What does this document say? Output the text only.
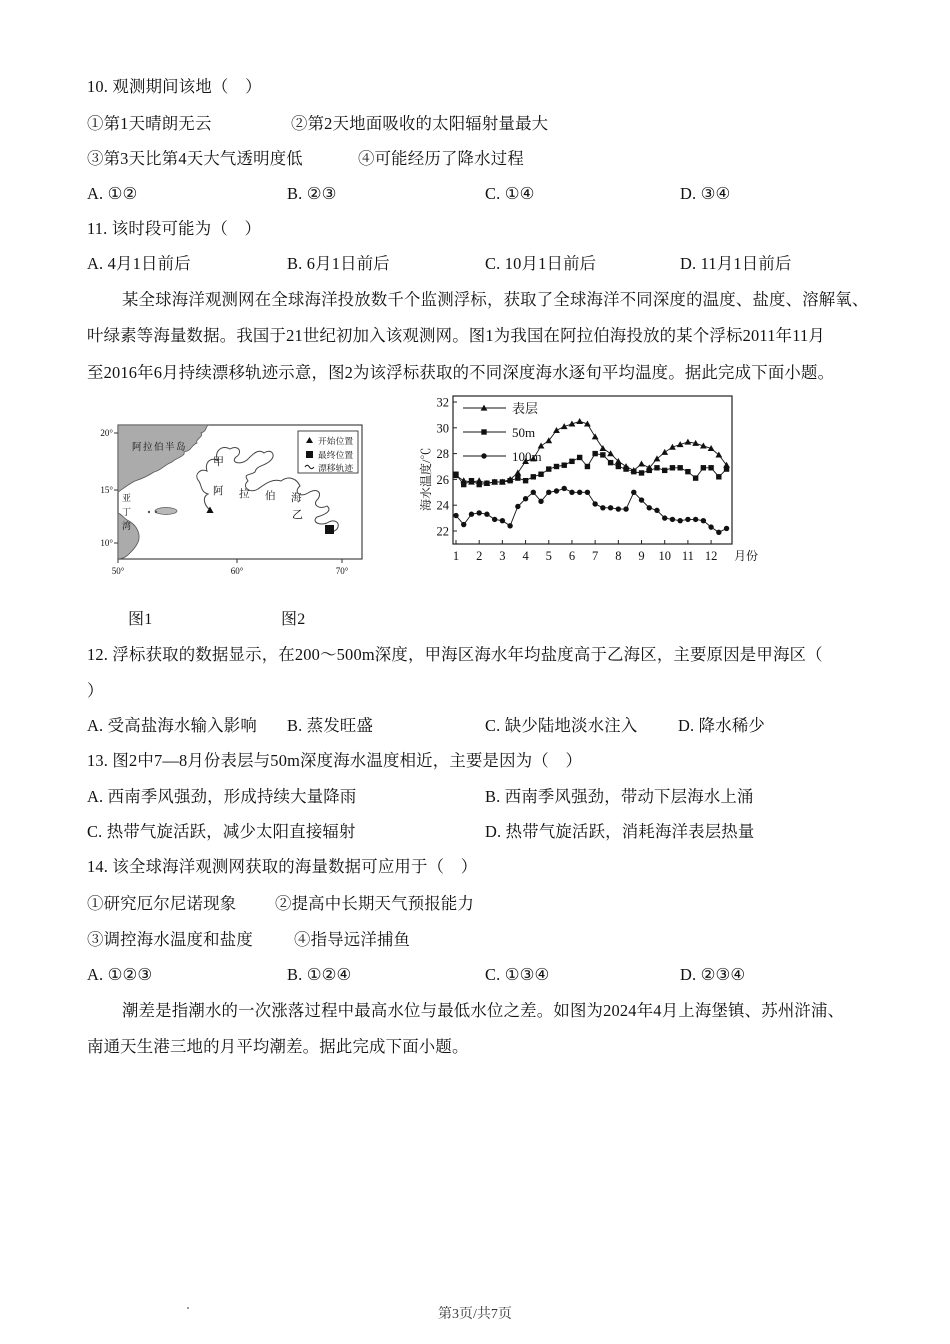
10. 观测期间该地（　）
①第1天晴朗无云	②第2天地面吸收的太阳辐射量最大
③第3天比第4天大气透明度低	④可能经历了降水过程
A. ①②	B. ②③	C. ①④	D. ③④
11. 该时段可能为（　）
A. 4月1日前后	B. 6月1日前后	C. 10月1日前后	D. 11月1日前后
某全球海洋观测网在全球海洋投放数千个监测浮标，获取了全球海洋不同深度的温度、盐度、溶解氧、
叶绿素等海量数据。我国于21世纪初加入该观测网。图1为我国在阿拉伯海投放的某个浮标2011年11月
至2016年6月持续漂移轨迹示意，图2为该浮标获取的不同深度海水逐旬平均温度。据此完成下面小题。
阿拉伯半岛
亚
丁
湾
阿 拉 伯 海
甲
乙
开始位置
最终位置
漂移轨迹
20°
15°
10°
50°	60°	70°
22
24
26
28
30
32
1 2 3 4 5 6 7 8 9 10 11 12 月份
海水温度/℃
表层
50m
100m
图1	图2
12. 浮标获取的数据显示，在200～500m深度，甲海区海水年均盐度高于乙海区，主要原因是甲海区（
）
A. 受高盐海水输入影响 B. 蒸发旺盛	C. 缺少陆地淡水注入 D. 降水稀少
13. 图2中7—8月份表层与50m深度海水温度相近，主要是因为（　）
A. 西南季风强劲，形成持续大量降雨	B. 西南季风强劲，带动下层海水上涌
C. 热带气旋活跃，减少太阳直接辐射	D. 热带气旋活跃，消耗海洋表层热量
14. 该全球海洋观测网获取的海量数据可应用于（　）
①研究厄尔尼诺现象 ②提高中长期天气预报能力
③调控海水温度和盐度	④指导远洋捕鱼
A. ①②③	B. ①②④	C. ①③④	D. ②③④
潮差是指潮水的一次涨落过程中最高水位与最低水位之差。如图为2024年4月上海堡镇、苏州浒浦、
南通天生港三地的月平均潮差。据此完成下面小题。
第3页/共7页
